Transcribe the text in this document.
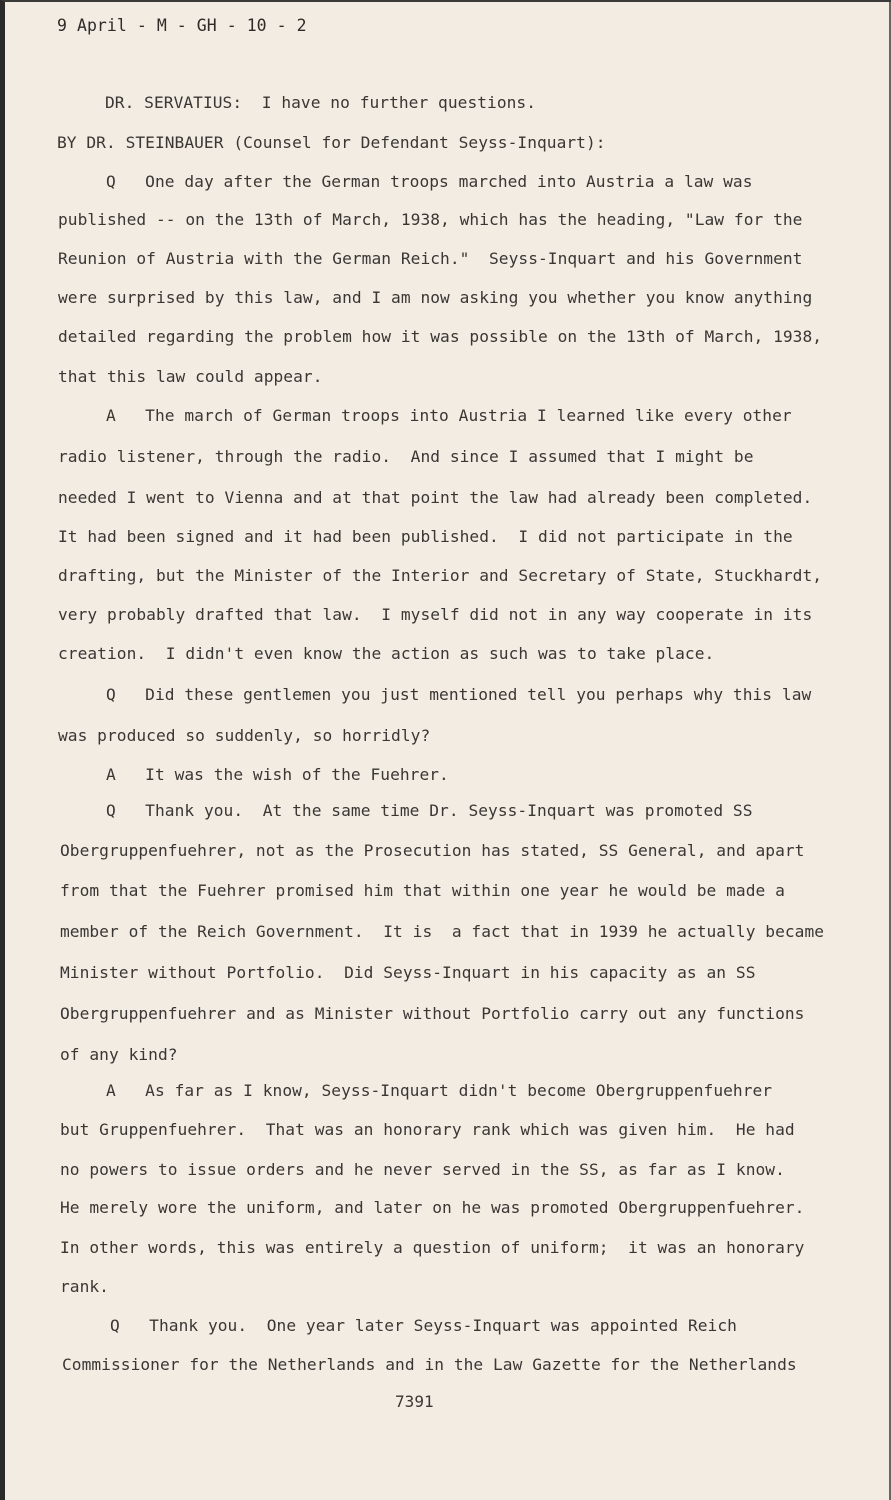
9 April - M - GH - 10 - 2
DR. SERVATIUS:  I have no further questions.
BY DR. STEINBAUER (Counsel for Defendant Seyss-Inquart):
Q   One day after the German troops marched into Austria a law was
published -- on the 13th of March, 1938, which has the heading, "Law for the
Reunion of Austria with the German Reich."  Seyss-Inquart and his Government
were surprised by this law, and I am now asking you whether you know anything
detailed regarding the problem how it was possible on the 13th of March, 1938,
that this law could appear.
A   The march of German troops into Austria I learned like every other
radio listener, through the radio.  And since I assumed that I might be
needed I went to Vienna and at that point the law had already been completed.
It had been signed and it had been published.  I did not participate in the
drafting, but the Minister of the Interior and Secretary of State, Stuckhardt,
very probably drafted that law.  I myself did not in any way cooperate in its
creation.  I didn't even know the action as such was to take place.
Q   Did these gentlemen you just mentioned tell you perhaps why this law
was produced so suddenly, so horridly?
A   It was the wish of the Fuehrer.
Q   Thank you.  At the same time Dr. Seyss-Inquart was promoted SS
Obergruppenfuehrer, not as the Prosecution has stated, SS General, and apart
from that the Fuehrer promised him that within one year he would be made a
member of the Reich Government.  It is  a fact that in 1939 he actually became
Minister without Portfolio.  Did Seyss-Inquart in his capacity as an SS
Obergruppenfuehrer and as Minister without Portfolio carry out any functions
of any kind?
A   As far as I know, Seyss-Inquart didn't become Obergruppenfuehrer
but Gruppenfuehrer.  That was an honorary rank which was given him.  He had
no powers to issue orders and he never served in the SS, as far as I know.
He merely wore the uniform, and later on he was promoted Obergruppenfuehrer.
In other words, this was entirely a question of uniform;  it was an honorary
rank.
Q   Thank you.  One year later Seyss-Inquart was appointed Reich
Commissioner for the Netherlands and in the Law Gazette for the Netherlands
7391
